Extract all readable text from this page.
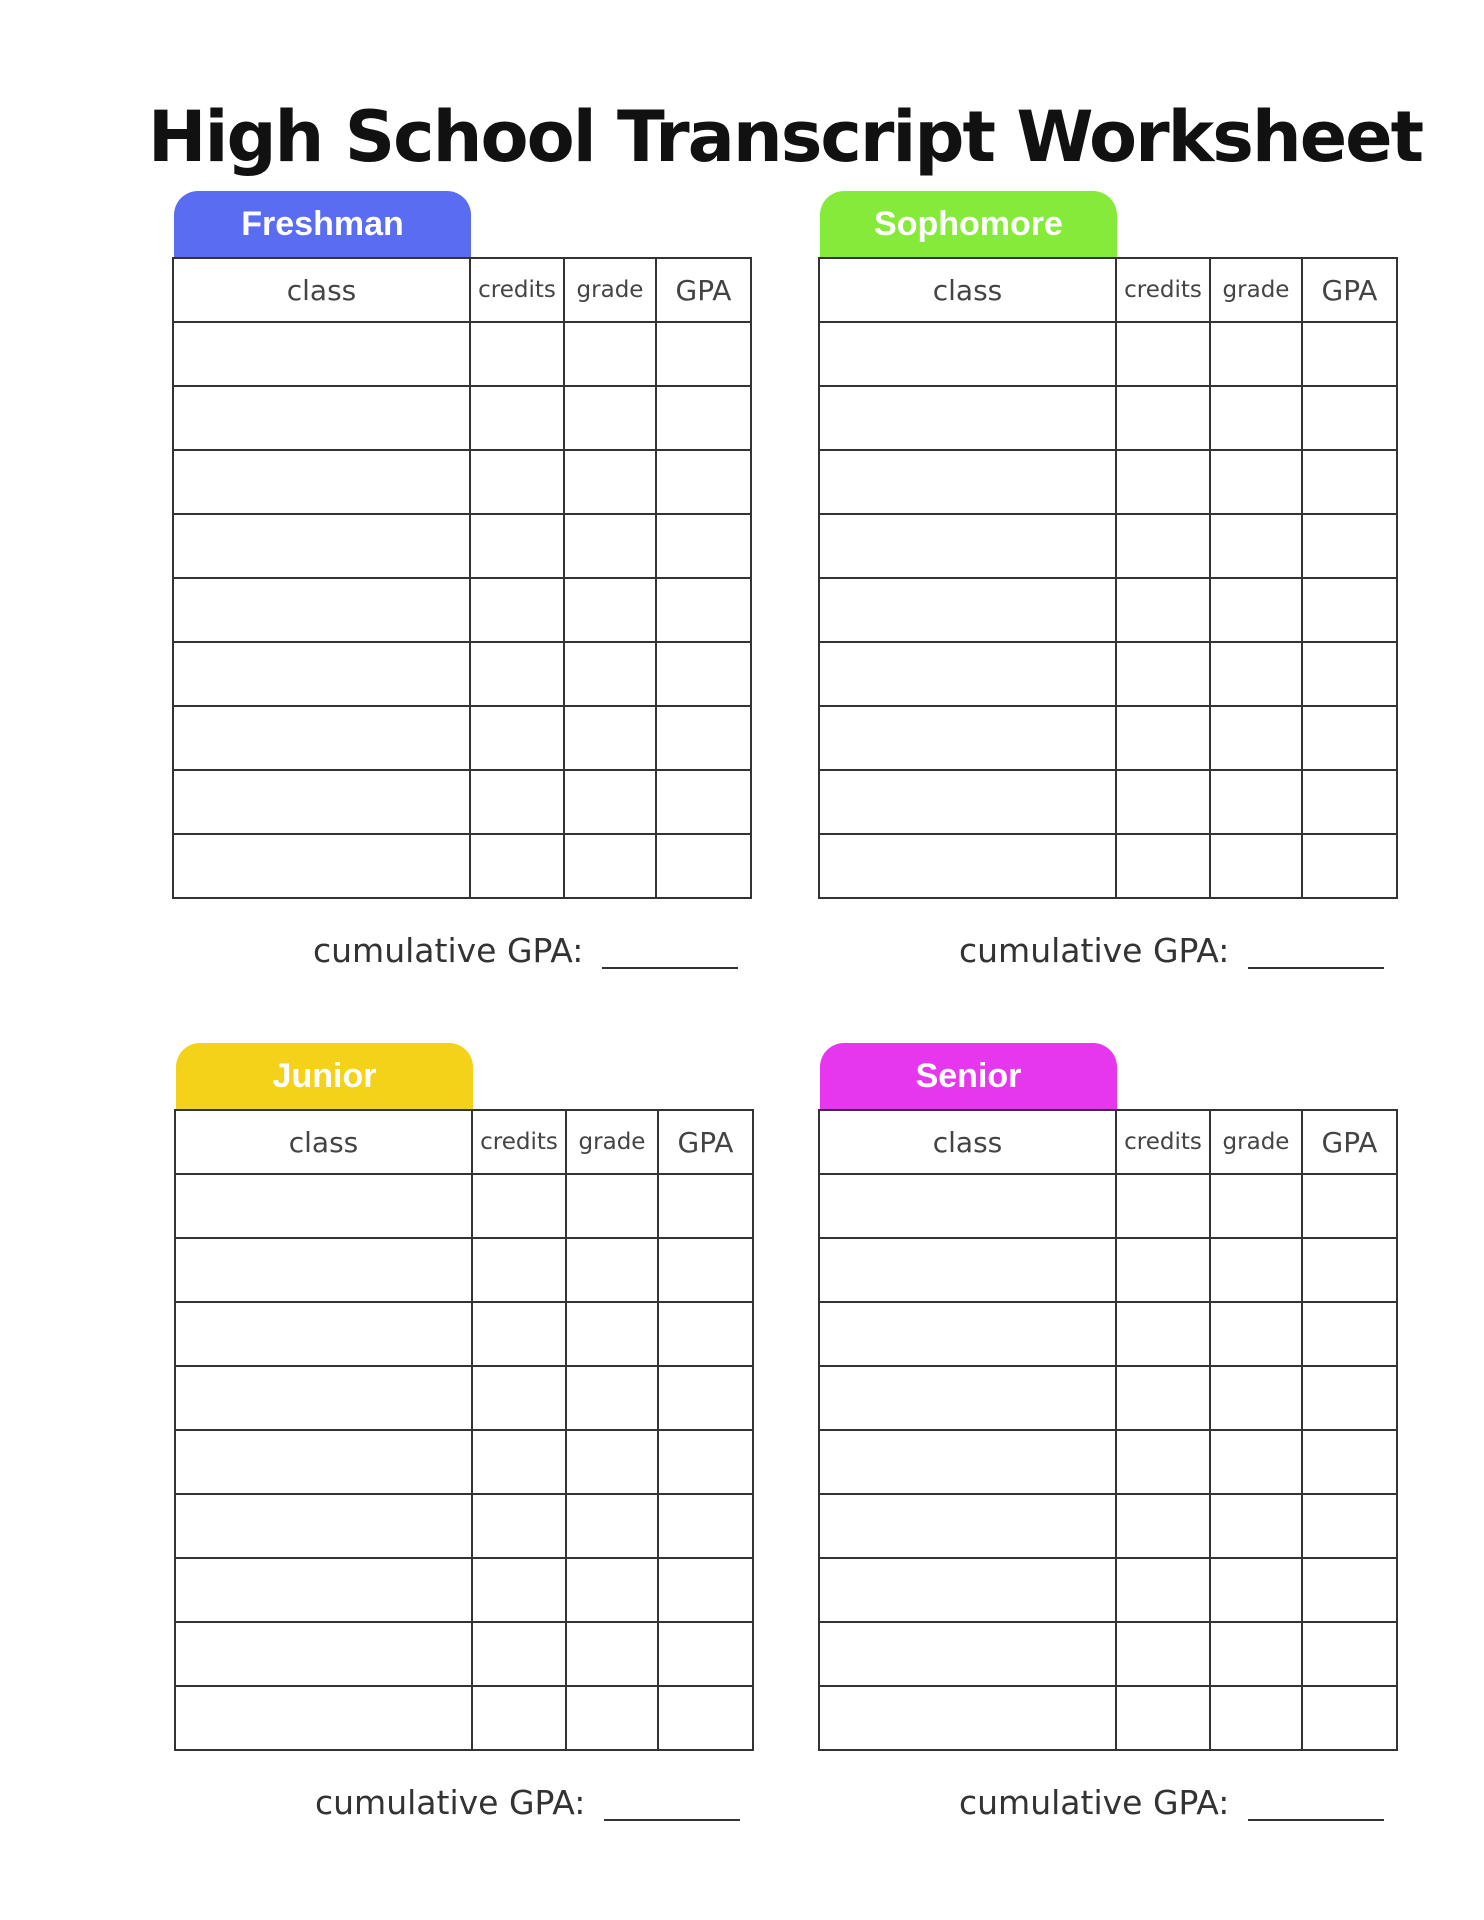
High School Transcript Worksheet
Freshman
class	credits	grade	GPA

cumulative GPA:
Sophomore
class	credits	grade	GPA

cumulative GPA:
Junior
class	credits	grade	GPA

cumulative GPA:
Senior
class	credits	grade	GPA

cumulative GPA:
